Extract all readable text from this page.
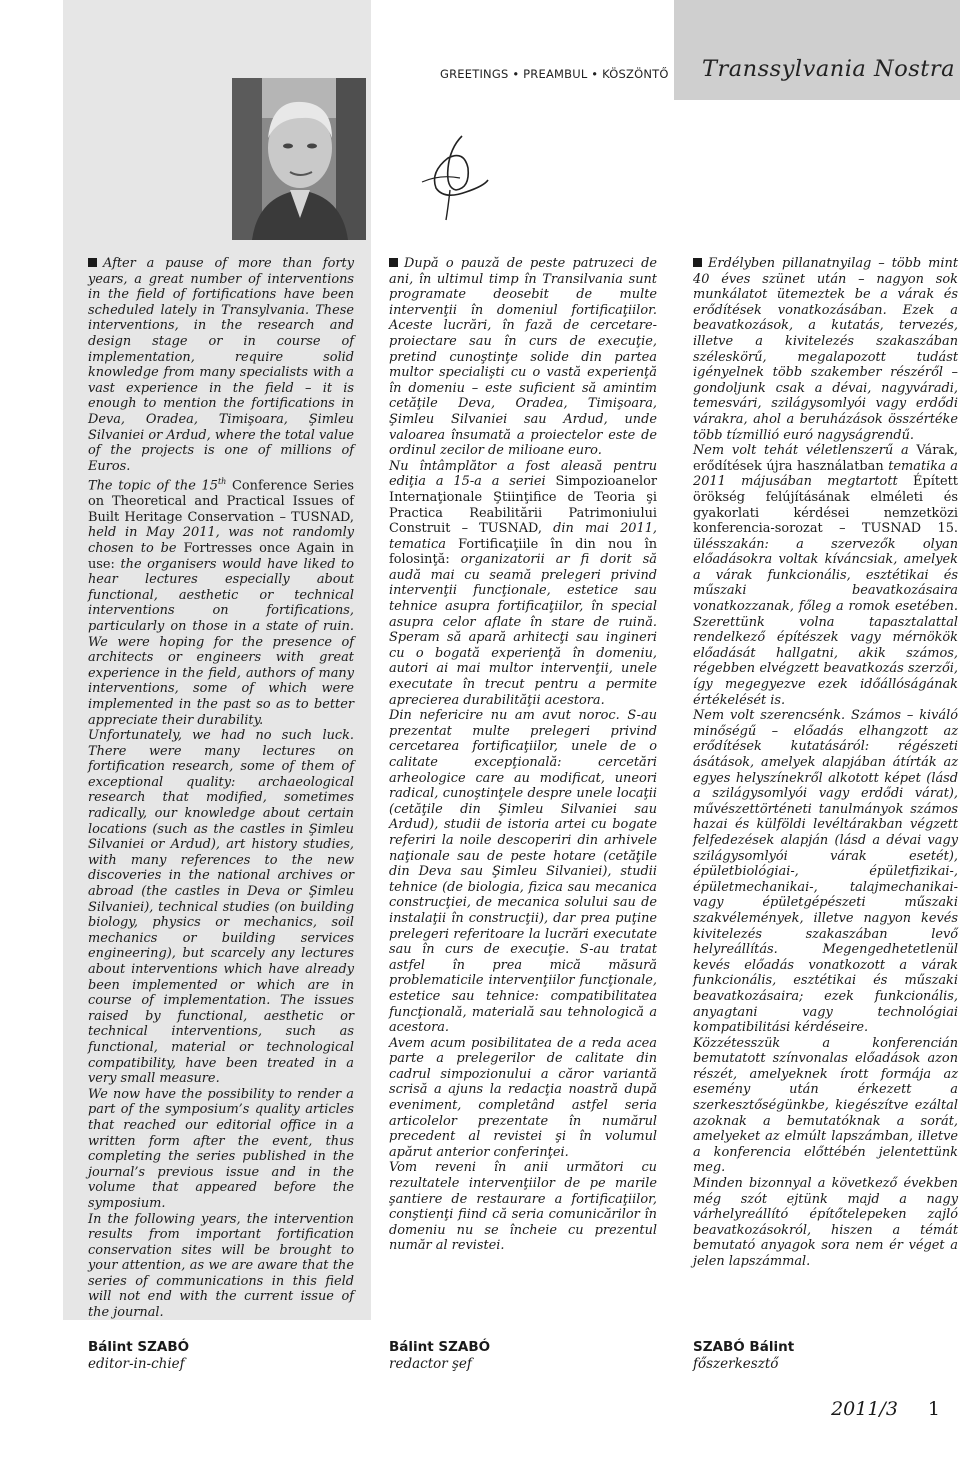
GREETINGS • PREAMBUL • KÖSZÖNTŐ	Transsylvania Nostra

After a pause of more than forty years, a great number of interventions in the field of fortifications have been scheduled lately in Transylvania. These interventions, in the research and design stage or in course of implementation, require solid knowledge from many specialists with a vast experience in the field – it is enough to mention the fortifications in Deva, Oradea, Timişoara, Şimleu Silvaniei or Ardud, where the total value of the projects is one of millions of Euros.

The topic of the 15th Conference Series on Theoretical and Practical Issues of Built Heritage Conservation – TUSNAD, held in May 2011, was not randomly chosen to be Fortresses once Again in use: the organisers would have liked to hear lectures especially about functional, aesthetic or technical interventions on fortifications, particularly on those in a state of ruin. We were hoping for the presence of architects or engineers with great experience in the field, authors of many interventions, some of which were implemented in the past so as to better appreciate their durability.

Unfortunately, we had no such luck. There were many lectures on fortification research, some of them of exceptional quality: archaeological research that modified, sometimes radically, our knowledge about certain locations (such as the castles in Şimleu Silvaniei or Ardud), art history studies, with many references to the new discoveries in the national archives or abroad (the castles in Deva or Şimleu Silvaniei), technical studies (on building biology, physics or mechanics, soil mechanics or building services engineering), but scarcely any lectures about interventions which have already been implemented or which are in course of implementation. The issues raised by functional, aesthetic or technical interventions, such as functional, material or technological compatibility, have been treated in a very small measure.

We now have the possibility to render a part of the symposium’s quality articles that reached our editorial office in a written form after the event, thus completing the series published in the journal’s previous issue and in the volume that appeared before the symposium.

In the following years, the intervention results from important fortification conservation sites will be brought to your attention, as we are aware that the series of communications in this field will not end with the current issue of the journal.

După o pauză de peste patruzeci de ani, în ultimul timp în Transilvania sunt programate deosebit de multe intervenţii în domeniul fortificaţiilor. Aceste lucrări, în fază de cercetare-proiectare sau în curs de execuţie, pretind cunoştinţe solide din partea multor specialişti cu o vastă experienţă în domeniu – este suficient să amintim cetăţile Deva, Oradea, Timişoara, Şimleu Silvaniei sau Ardud, unde valoarea însumată a proiectelor este de ordinul zecilor de milioane euro.

Nu întâmplător a fost aleasă pentru ediţia a 15-a a seriei Simpozioanelor Internaţionale Ştiinţifice de Teoria şi Practica Reabilitării Patrimoniului Construit – TUSNAD, din mai 2011, tematica Fortificaţiile în din nou în folosinţă: organizatorii ar fi dorit să audă mai cu seamă prelegeri privind intervenţii funcţionale, estetice sau tehnice asupra fortificaţiilor, în special asupra celor aflate în stare de ruină. Speram să apară arhitecţi sau ingineri cu o bogată experienţă în domeniu, autori ai mai multor intervenţii, unele executate în trecut pentru a permite aprecierea durabilităţii acestora.

Din nefericire nu am avut noroc. S-au prezentat multe prelegeri privind cercetarea fortificaţiilor, unele de o calitate excepţională: cercetări arheologice care au modificat, uneori radical, cunoştinţele despre unele locaţii (cetăţile din Şimleu Silvaniei sau Ardud), studii de istoria artei cu bogate referiri la noile descoperiri din arhivele naţionale sau de peste hotare (cetăţile din Deva sau Şimleu Silvaniei), studii tehnice (de biologia, fizica sau mecanica construcţiei, de mecanica solului sau de instalaţii în construcţii), dar prea puţine prelegeri referitoare la lucrări executate sau în curs de execuţie. S-au tratat astfel în prea mică măsură problematicile intervenţiilor funcţionale, estetice sau tehnice: compatibilitatea funcţională, materială sau tehnologică a acestora.

Avem acum posibilitatea de a reda acea parte a prelegerilor de calitate din cadrul simpozionului a căror variantă scrisă a ajuns la redacţia noastră după eveniment, completând astfel seria articolelor prezentate în numărul precedent al revistei şi în volumul apărut anterior conferinţei.

Vom reveni în anii următori cu rezultatele intervenţiilor de pe marile şantiere de restaurare a fortificaţiilor, conştienţi fiind că seria comunicărilor în domeniu nu se încheie cu prezentul număr al revistei.

Erdélyben pillanatnyilag – több mint 40 éves szünet után – nagyon sok munkálatot ütemeztek be a várak és erődítések vonatkozásában. Ezek a beavatkozások, a kutatás, tervezés, illetve a kivitelezés szakaszában széleskörű, megalapozott tudást igényelnek több szakember részéről – gondoljunk csak a dévai, nagyváradi, temesvári, szilágysomlyói vagy erdődi várakra, ahol a beruházások összértéke több tízmillió euró nagyságrendű.

Nem volt tehát véletlenszerű a Várak, erődítések újra használatban tematika a 2011 májusában megtartott Épített örökség felújításának elméleti és gyakorlati kérdései nemzetközi konferencia-sorozat – TUSNAD 15. ülésszakán: a szervezők olyan előadásokra voltak kíváncsiak, amelyek a várak funkcionális, esztétikai és műszaki beavatkozásaira vonatkozzanak, főleg a romok esetében. Szerettünk volna tapasztalattal rendelkező építészek vagy mérnökök előadását hallgatni, akik számos, régebben elvégzett beavatkozás szerzői, így megegyezve ezek időállóságának értékelését is.

Nem volt szerencsénk. Számos – kiváló minőségű – előadás elhangzott az erődítések kutatásáról: régészeti ásátások, amelyek alapjában átírták az egyes helyszínekről alkotott képet (lásd a szilágysomlyói vagy erdődi várat), művészettörténeti tanulmányok számos hazai és külföldi levéltárakban végzett felfedezések alapján (lásd a dévai vagy szilágysomlyói várak esetét), épületbiológiai-, épületfizikai-, épületmechanikai-, talajmechanikai- vagy épületgépészeti műszaki szakvélemények, illetve nagyon kevés kivitelezés szakaszában levő helyreállítás. Megengedhetetlenül kevés előadás vonatkozott a várak funkcionális, esztétikai és műszaki beavatkozásaira; ezek funkcionális, anyagtani vagy technológiai kompatibilitási kérdéseire.

Közzétesszük a konferencián bemutatott színvonalas előadások azon részét, amelyeknek írott formája az esemény után érkezett a szerkesztőségünkbe, kiegészítve ezáltal azoknak a bemutatóknak a sorát, amelyeket az elmúlt lapszámban, illetve a konferencia előttébén jelentettünk meg.

Minden bizonnyal a következő években még szót ejtünk majd a nagy várhelyreállító építőtelepeken zajló beavatkozásokról, hiszen a témát bemutató anyagok sora nem ér véget a jelen lapszámmal.

Bálint SZABÓ
editor-in-chief
Bálint SZABÓ
redactor şef
SZABÓ Bálint
főszerkesztő
2011/3 1
